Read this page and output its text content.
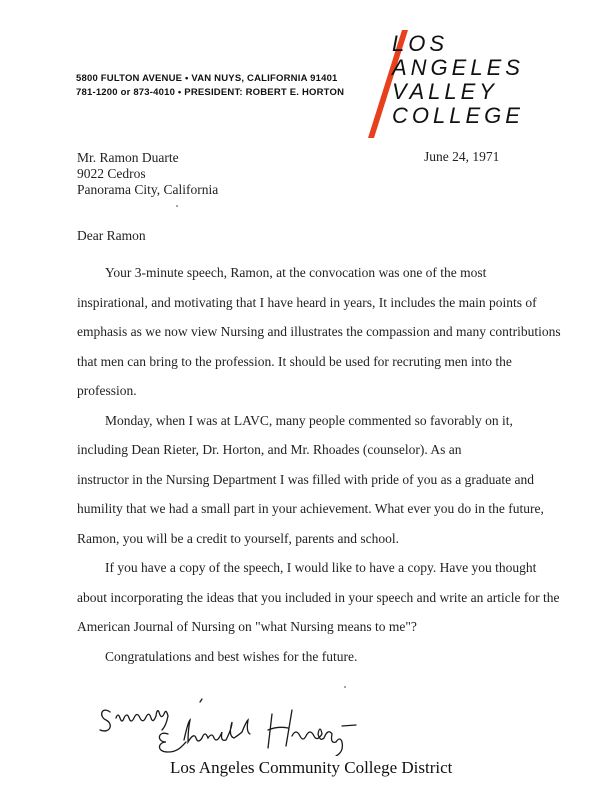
5800 FULTON AVENUE • VAN NUYS, CALIFORNIA 91401
781-1200 or 873-4010 • PRESIDENT: ROBERT E. HORTON
LOS
ANGELES
VALLEY
COLLEGE
June 24, 1971
Mr. Ramon Duarte
9022 Cedros
Panorama City, California
Dear Ramon

Your 3-minute speech, Ramon, at the convocation was one of the most

inspirational, and motivating that I have heard in years, It includes the main points of

emphasis as we now view Nursing and illustrates the compassion and many contributions

that men can bring to the profession. It should be used for recruting men into the

profession.

Monday, when I was at LAVC, many people commented so favorably on it,

including Dean Rieter, Dr. Horton, and Mr. Rhoades (counselor). As an

instructor in the Nursing Department I was filled with pride of you as a graduate and

humility that we had a small part in your achievement. What ever you do in the future,

Ramon, you will be a credit to yourself, parents and school.

If you have a copy of the speech, I would like to have a copy. Have you thought

about incorporating the ideas that you included in your speech and write an article for the

American Journal of Nursing on "what Nursing means to me"?

Congratulations and best wishes for the future.

Los Angeles Community College District
